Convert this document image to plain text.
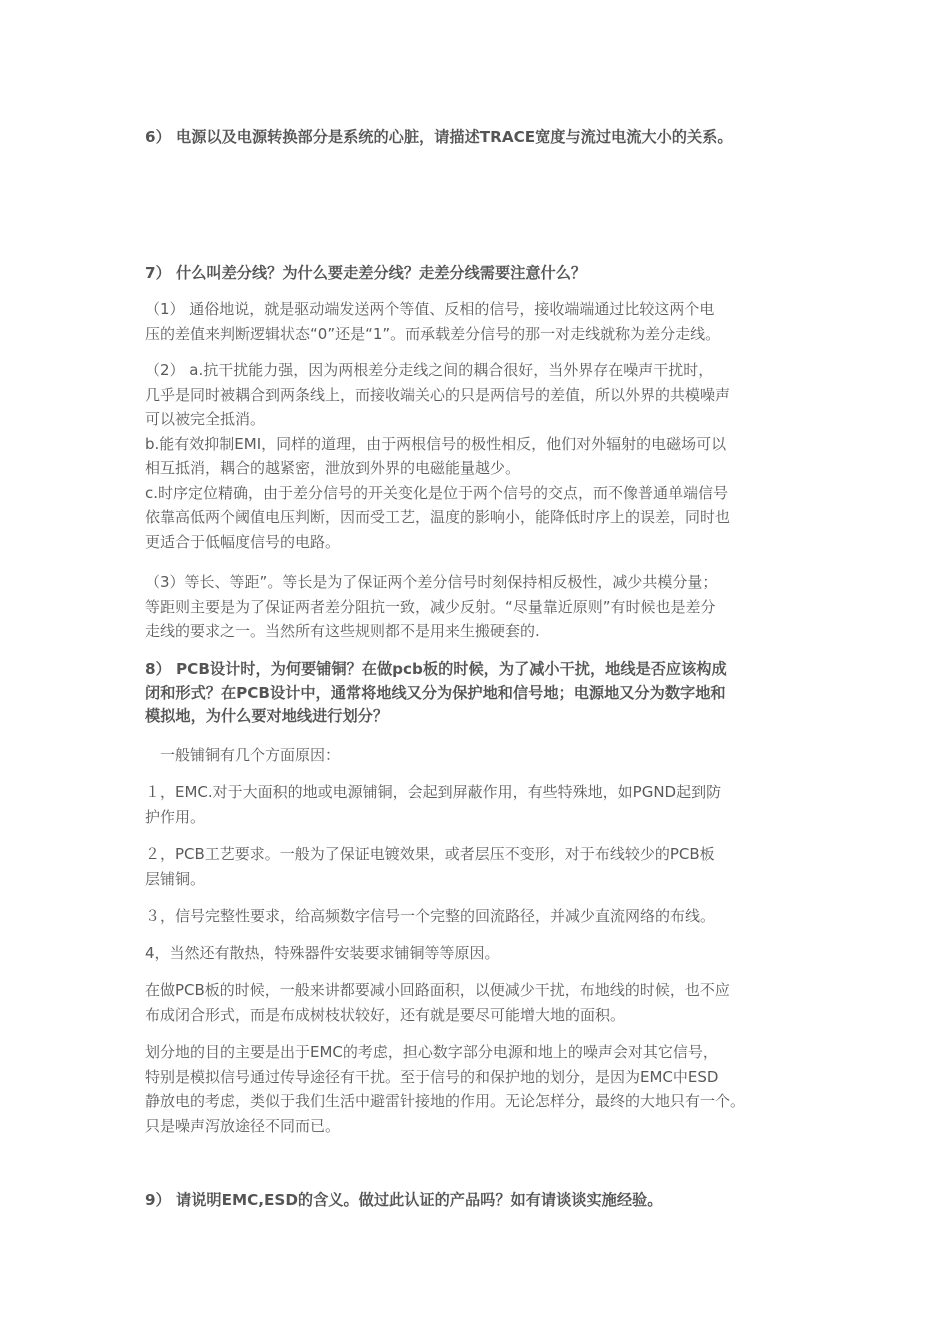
6） 电源以及电源转换部分是系统的心脏，请描述TRACE宽度与流过电流大小的关系。

7） 什么叫差分线？为什么要走差分线？走差分线需要注意什么？

（1） 通俗地说，就是驱动端发送两个等值、反相的信号，接收端端通过比较这两个电
压的差值来判断逻辑状态“0”还是“1”。而承载差分信号的那一对走线就称为差分走线。
（2） a.抗干扰能力强，因为两根差分走线之间的耦合很好，当外界存在噪声干扰时，
几乎是同时被耦合到两条线上，而接收端关心的只是两信号的差值，所以外界的共模噪声
可以被完全抵消。
b.能有效抑制EMI，同样的道理，由于两根信号的极性相反，他们对外辐射的电磁场可以
相互抵消，耦合的越紧密，泄放到外界的电磁能量越少。
c.时序定位精确，由于差分信号的开关变化是位于两个信号的交点，而不像普通单端信号
依靠高低两个阈值电压判断，因而受工艺，温度的影响小，能降低时序上的误差，同时也
更适合于低幅度信号的电路。
（3）等长、等距”。等长是为了保证两个差分信号时刻保持相反极性，减少共模分量；
等距则主要是为了保证两者差分阻抗一致，减少反射。“尽量靠近原则”有时候也是差分
走线的要求之一。当然所有这些规则都不是用来生搬硬套的.
8） PCB设计时，为何要铺铜？在做pcb板的时候，为了减小干扰，地线是否应该构成
闭和形式？在PCB设计中，通常将地线又分为保护地和信号地；电源地又分为数字地和
模拟地，为什么要对地线进行划分？
一般铺铜有几个方面原因：
１，EMC.对于大面积的地或电源铺铜，会起到屏蔽作用，有些特殊地，如PGND起到防
护作用。
２，PCB工艺要求。一般为了保证电镀效果，或者层压不变形，对于布线较少的PCB板
层铺铜。
３，信号完整性要求，给高频数字信号一个完整的回流路径，并减少直流网络的布线。
4，当然还有散热，特殊器件安装要求铺铜等等原因。
在做PCB板的时候，一般来讲都要减小回路面积，以便减少干扰，布地线的时候，也不应
布成闭合形式，而是布成树枝状较好，还有就是要尽可能增大地的面积。
划分地的目的主要是出于EMC的考虑，担心数字部分电源和地上的噪声会对其它信号，
特别是模拟信号通过传导途径有干扰。至于信号的和保护地的划分，是因为EMC中ESD
静放电的考虑，类似于我们生活中避雷针接地的作用。无论怎样分，最终的大地只有一个。
只是噪声泻放途径不同而已。

9） 请说明EMC,ESD的含义。做过此认证的产品吗？如有请谈谈实施经验。
